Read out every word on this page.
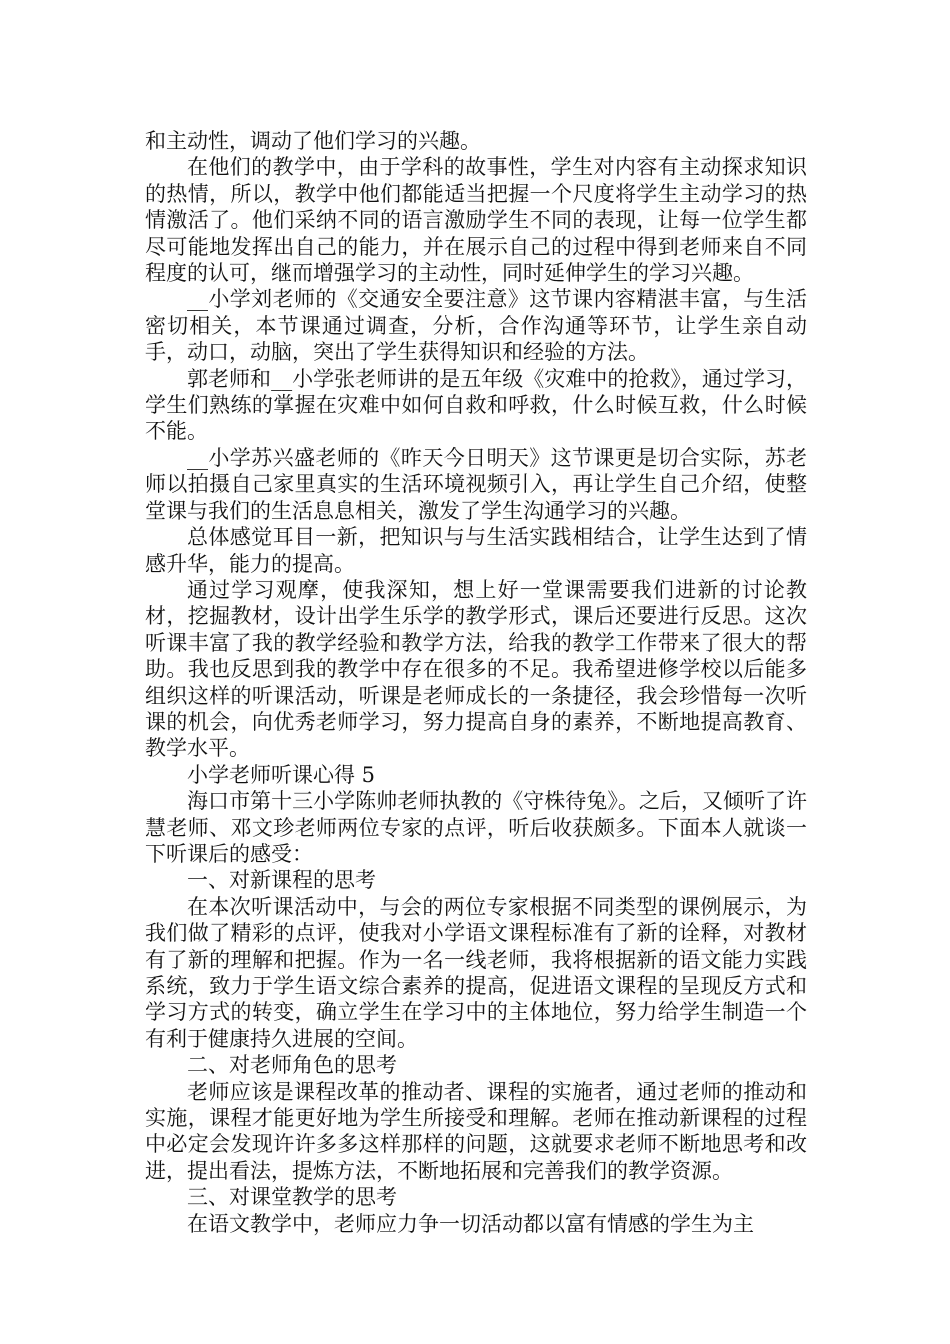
和主动性，调动了他们学习的兴趣。

在他们的教学中，由于学科的故事性，学生对内容有主动探求知识的热情，所以，教学中他们都能适当把握一个尺度将学生主动学习的热情激活了。他们采纳不同的语言激励学生不同的表现，让每一位学生都尽可能地发挥出自己的能力，并在展示自己的过程中得到老师来自不同程度的认可，继而增强学习的主动性，同时延伸学生的学习兴趣。

__小学刘老师的《交通安全要注意》这节课内容精湛丰富，与生活密切相关，本节课通过调查，分析，合作沟通等环节，让学生亲自动手，动口，动脑，突出了学生获得知识和经验的方法。

郭老师和__小学张老师讲的是五年级《灾难中的抢救》，通过学习，学生们熟练的掌握在灾难中如何自救和呼救，什么时候互救，什么时候不能。

__小学苏兴盛老师的《昨天今日明天》这节课更是切合实际，苏老师以拍摄自己家里真实的生活环境视频引入，再让学生自己介绍，使整堂课与我们的生活息息相关，激发了学生沟通学习的兴趣。

总体感觉耳目一新，把知识与与生活实践相结合，让学生达到了情感升华，能力的提高。

通过学习观摩，使我深知，想上好一堂课需要我们进新的讨论教材，挖掘教材，设计出学生乐学的教学形式，课后还要进行反思。这次听课丰富了我的教学经验和教学方法，给我的教学工作带来了很大的帮助。我也反思到我的教学中存在很多的不足。我希望进修学校以后能多组织这样的听课活动，听课是老师成长的一条捷径，我会珍惜每一次听课的机会，向优秀老师学习，努力提高自身的素养，不断地提高教育、教学水平。

小学老师听课心得 5

海口市第十三小学陈帅老师执教的《守株待兔》。之后，又倾听了许慧老师、邓文珍老师两位专家的点评，听后收获颇多。下面本人就谈一下听课后的感受：

一、对新课程的思考

在本次听课活动中，与会的两位专家根据不同类型的课例展示，为我们做了精彩的点评，使我对小学语文课程标准有了新的诠释，对教材有了新的理解和把握。作为一名一线老师，我将根据新的语文能力实践系统，致力于学生语文综合素养的提高，促进语文课程的呈现反方式和学习方式的转变，确立学生在学习中的主体地位，努力给学生制造一个有利于健康持久进展的空间。

二、对老师角色的思考

老师应该是课程改革的推动者、课程的实施者，通过老师的推动和实施，课程才能更好地为学生所接受和理解。老师在推动新课程的过程中必定会发现许许多多这样那样的问题，这就要求老师不断地思考和改进，提出看法，提炼方法，不断地拓展和完善我们的教学资源。

三、对课堂教学的思考

在语文教学中，老师应力争一切活动都以富有情感的学生为主
